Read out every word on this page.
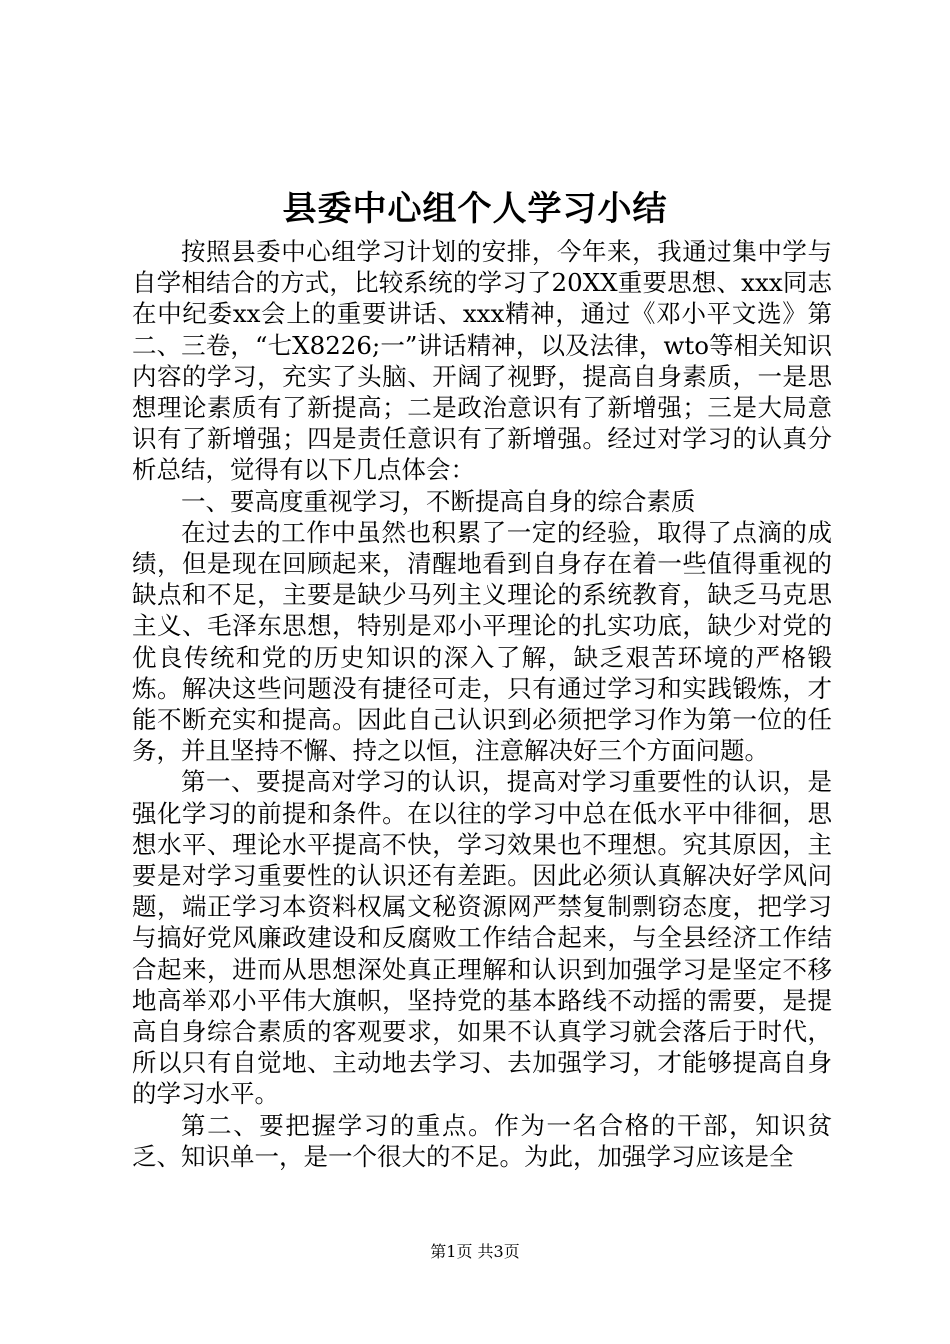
县委中心组个人学习小结

按照县委中心组学习计划的安排，今年来，我通过集中学与自学相结合的方式，比较系统的学习了20XX重要思想、xxx同志在中纪委xx会上的重要讲话、xxx精神，通过《邓小平文选》第二、三卷，“七X8226;一”讲话精神，以及法律，wto等相关知识内容的学习，充实了头脑、开阔了视野，提高自身素质，一是思想理论素质有了新提高；二是政治意识有了新增强；三是大局意识有了新增强；四是责任意识有了新增强。经过对学习的认真分析总结，觉得有以下几点体会：

一、要高度重视学习，不断提高自身的综合素质

在过去的工作中虽然也积累了一定的经验，取得了点滴的成绩，但是现在回顾起来，清醒地看到自身存在着一些值得重视的缺点和不足，主要是缺少马列主义理论的系统教育，缺乏马克思主义、毛泽东思想，特别是邓小平理论的扎实功底，缺少对党的优良传统和党的历史知识的深入了解，缺乏艰苦环境的严格锻炼。解决这些问题没有捷径可走，只有通过学习和实践锻炼，才能不断充实和提高。因此自己认识到必须把学习作为第一位的任务，并且坚持不懈、持之以恒，注意解决好三个方面问题。

第一、要提高对学习的认识，提高对学习重要性的认识，是强化学习的前提和条件。在以往的学习中总在低水平中徘徊，思想水平、理论水平提高不快，学习效果也不理想。究其原因，主要是对学习重要性的认识还有差距。因此必须认真解决好学风问题，端正学习本资料权属文秘资源网严禁复制剽窃态度，把学习与搞好党风廉政建设和反腐败工作结合起来，与全县经济工作结合起来，进而从思想深处真正理解和认识到加强学习是坚定不移地高举邓小平伟大旗帜，坚持党的基本路线不动摇的需要，是提高自身综合素质的客观要求，如果不认真学习就会落后于时代，所以只有自觉地、主动地去学习、去加强学习，才能够提高自身的学习水平。

第二、要把握学习的重点。作为一名合格的干部，知识贫乏、知识单一，是一个很大的不足。为此，加强学习应该是全

第1页 共3页
